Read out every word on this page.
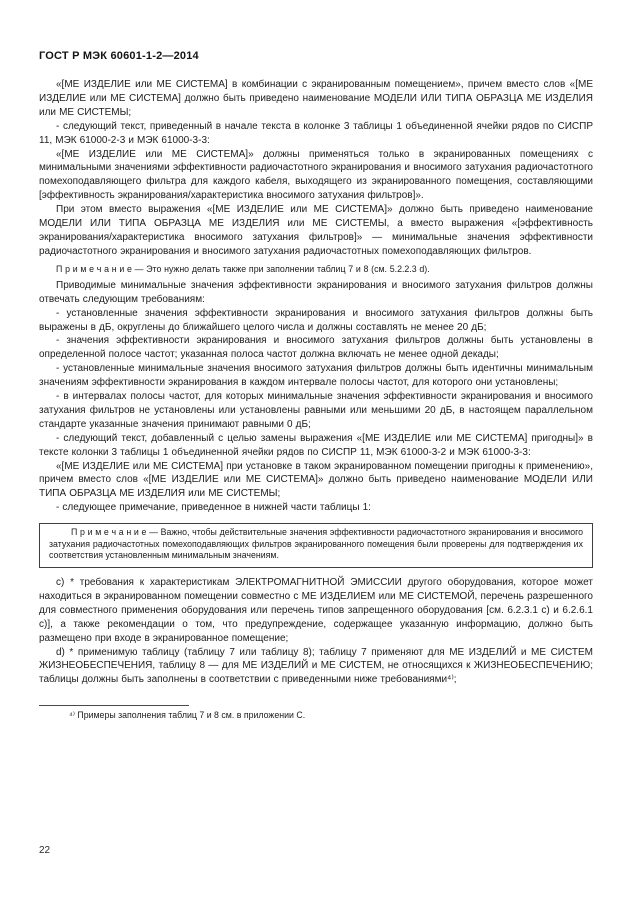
ГОСТ Р МЭК 60601-1-2—2014

«[МЕ ИЗДЕЛИЕ или МЕ СИСТЕМА] в комбинации с экранированным помещением», причем вместо слов «[МЕ ИЗДЕЛИЕ или МЕ СИСТЕМА] должно быть приведено наименование МОДЕЛИ ИЛИ ТИПА ОБРАЗЦА МЕ ИЗДЕЛИЯ или МЕ СИСТЕМЫ;

- следующий текст, приведенный в начале текста в колонке 3 таблицы 1 объединенной ячейки рядов по СИСПР 11, МЭК 61000-2-3 и МЭК 61000-3-3:

«[МЕ ИЗДЕЛИЕ или МЕ СИСТЕМА]» должны применяться только в экранированных помещениях с минимальными значениями эффективности радиочастотного экранирования и вносимого затухания радиочастотного помехоподавляющего фильтра для каждого кабеля, выходящего из экранированного помещения, составляющими [эффективность экранирования/характеристика вносимого затухания фильтров]».

При этом вместо выражения «[МЕ ИЗДЕЛИЕ или МЕ СИСТЕМА]» должно быть приведено наименование МОДЕЛИ ИЛИ ТИПА ОБРАЗЦА МЕ ИЗДЕЛИЯ или МЕ СИСТЕМЫ, а вместо выражения «[эффективность экранирования/характеристика вносимого затухания фильтров]» — минимальные значения эффективности радиочастотного экранирования и вносимого затухания радиочастотных помехоподавляющих фильтров.

П р и м е ч а н и е — Это нужно делать также при заполнении таблиц 7 и 8 (см. 5.2.2.3 d).

Приводимые минимальные значения эффективности экранирования и вносимого затухания фильтров должны отвечать следующим требованиям:

- установленные значения эффективности экранирования и вносимого затухания фильтров должны быть выражены в дБ, округлены до ближайшего целого числа и должны составлять не менее 20 дБ;

- значения эффективности экранирования и вносимого затухания фильтров должны быть установлены в определенной полосе частот; указанная полоса частот должна включать не менее одной декады;

- установленные минимальные значения вносимого затухания фильтров должны быть идентичны минимальным значениям эффективности экранирования в каждом интервале полосы частот, для которого они установлены;

- в интервалах полосы частот, для которых минимальные значения эффективности экранирования и вносимого затухания фильтров не установлены или установлены равными или меньшими 20 дБ, в настоящем параллельном стандарте указанные значения принимают равными 0 дБ;

- следующий текст, добавленный с целью замены выражения «[МЕ ИЗДЕЛИЕ или МЕ СИСТЕМА] пригодны]» в тексте колонки 3 таблицы 1 объединенной ячейки рядов по СИСПР 11, МЭК 61000-3-2 и МЭК 61000-3-3:

«[МЕ ИЗДЕЛИЕ или МЕ СИСТЕМА] при установке в таком экранированном помещении пригодны к применению», причем вместо слов «[МЕ ИЗДЕЛИЕ или МЕ СИСТЕМА]» должно быть приведено наименование МОДЕЛИ ИЛИ ТИПА ОБРАЗЦА МЕ ИЗДЕЛИЯ или МЕ СИСТЕМЫ;

- следующее примечание, приведенное в нижней части таблицы 1:

П р и м е ч а н и е — Важно, чтобы действительные значения эффективности радиочастотного экранирования и вносимого затухания радиочастотных помехоподавляющих фильтров экранированного помещения были проверены для подтверждения их соответствия установленным минимальным значениям.

c) * требования к характеристикам ЭЛЕКТРОМАГНИТНОЙ ЭМИССИИ другого оборудования, которое может находиться в экранированном помещении совместно с МЕ ИЗДЕЛИЕМ или МЕ СИСТЕМОЙ, перечень разрешенного для совместного применения оборудования или перечень типов запрещенного оборудования [см. 6.2.3.1 c) и 6.2.6.1 c)], а также рекомендации о том, что предупреждение, содержащее указанную информацию, должно быть размещено при входе в экранированное помещение;

d) * применимую таблицу (таблицу 7 или таблицу 8); таблицу 7 применяют для МЕ ИЗДЕЛИЙ и МЕ СИСТЕМ ЖИЗНЕОБЕСПЕЧЕНИЯ, таблицу 8 — для МЕ ИЗДЕЛИЙ и МЕ СИСТЕМ, не относящихся к ЖИЗНЕОБЕСПЕЧЕНИЮ; таблицы должны быть заполнены в соответствии с приведенными ниже требованиями⁴⁾;

⁴⁾ Примеры заполнения таблиц 7 и 8 см. в приложении С.

22
